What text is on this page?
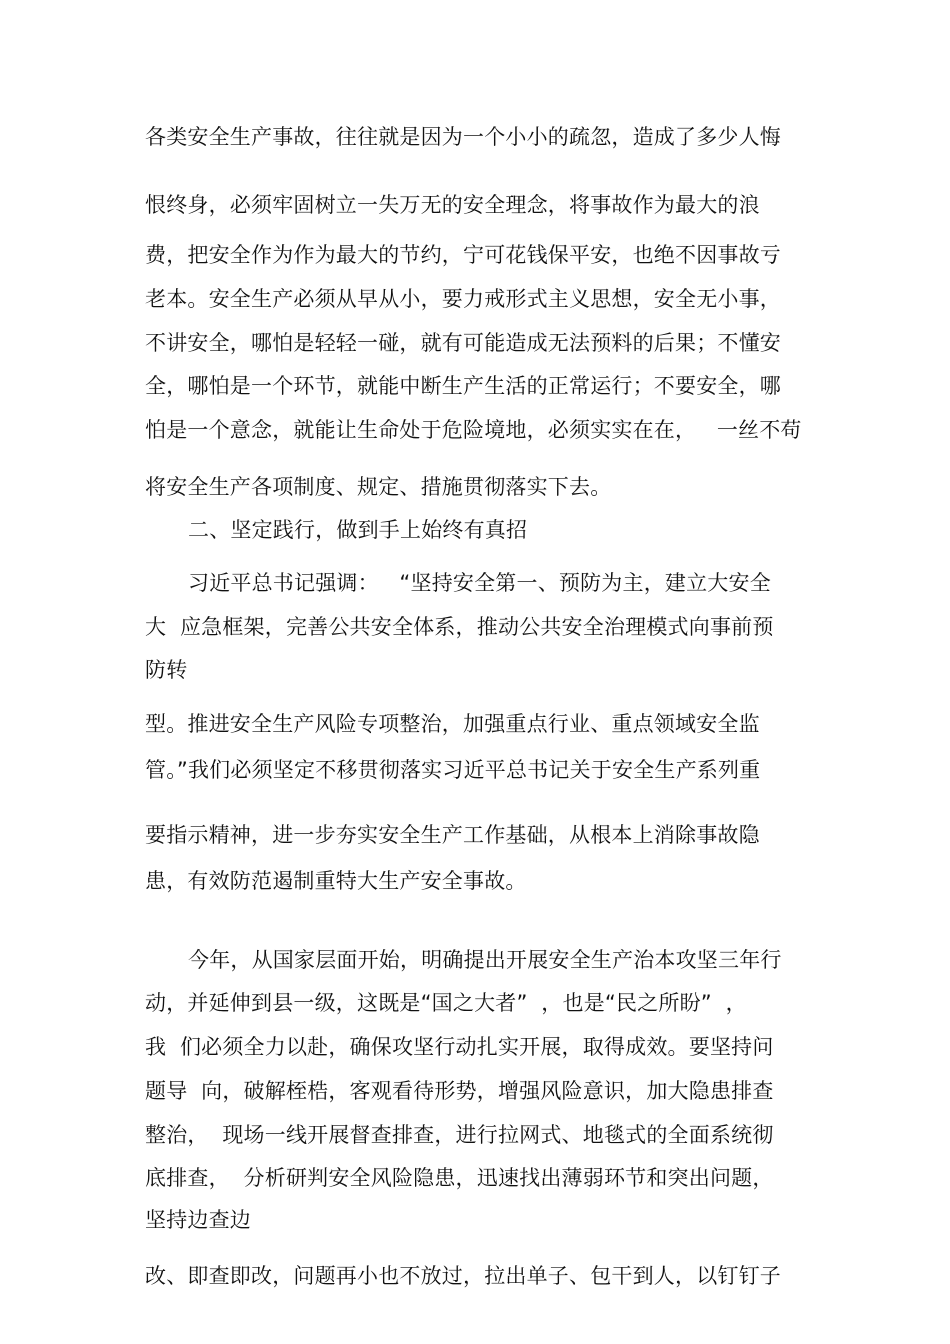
各类安全生产事故，往往就是因为一个小小的疏忽，造成了多少人悔
恨终身，必须牢固树立一失万无的安全理念，将事故作为最大的浪
费，把安全作为作为最大的节约，宁可花钱保平安，也绝不因事故亏
老本。安全生产必须从早从小，要力戒形式主义思想，安全无小事，
不讲安全，哪怕是轻轻一碰，就有可能造成无法预料的后果；不懂安
全，哪怕是一个环节，就能中断生产生活的正常运行；不要安全，哪
怕是一个意念，就能让生命处于危险境地，必须实实在在，   一丝不苟
将安全生产各项制度、规定、措施贯彻落实下去。
二、坚定践行，做到手上始终有真招
习近平总书记强调：   “坚持安全第一、预防为主，建立大安全
大  应急框架，完善公共安全体系，推动公共安全治理模式向事前预
防转
型。推进安全生产风险专项整治，加强重点行业、重点领域安全监
管。”我们必须坚定不移贯彻落实习近平总书记关于安全生产系列重
要指示精神，进一步夯实安全生产工作基础，从根本上消除事故隐
患，有效防范遏制重特大生产安全事故。
今年，从国家层面开始，明确提出开展安全生产治本攻坚三年行
动，并延伸到县一级，这既是“国之大者”  ，也是“民之所盼”  ，
我  们必须全力以赴，确保攻坚行动扎实开展，取得成效。要坚持问
题导  向，破解桎梏，客观看待形势，增强风险意识，加大隐患排查
整治，  现场一线开展督查排查，进行拉网式、地毯式的全面系统彻
底排查，  分析研判安全风险隐患，迅速找出薄弱环节和突出问题，
坚持边查边
改、即查即改，问题再小也不放过，拉出单子、包干到人，以钉钉子
